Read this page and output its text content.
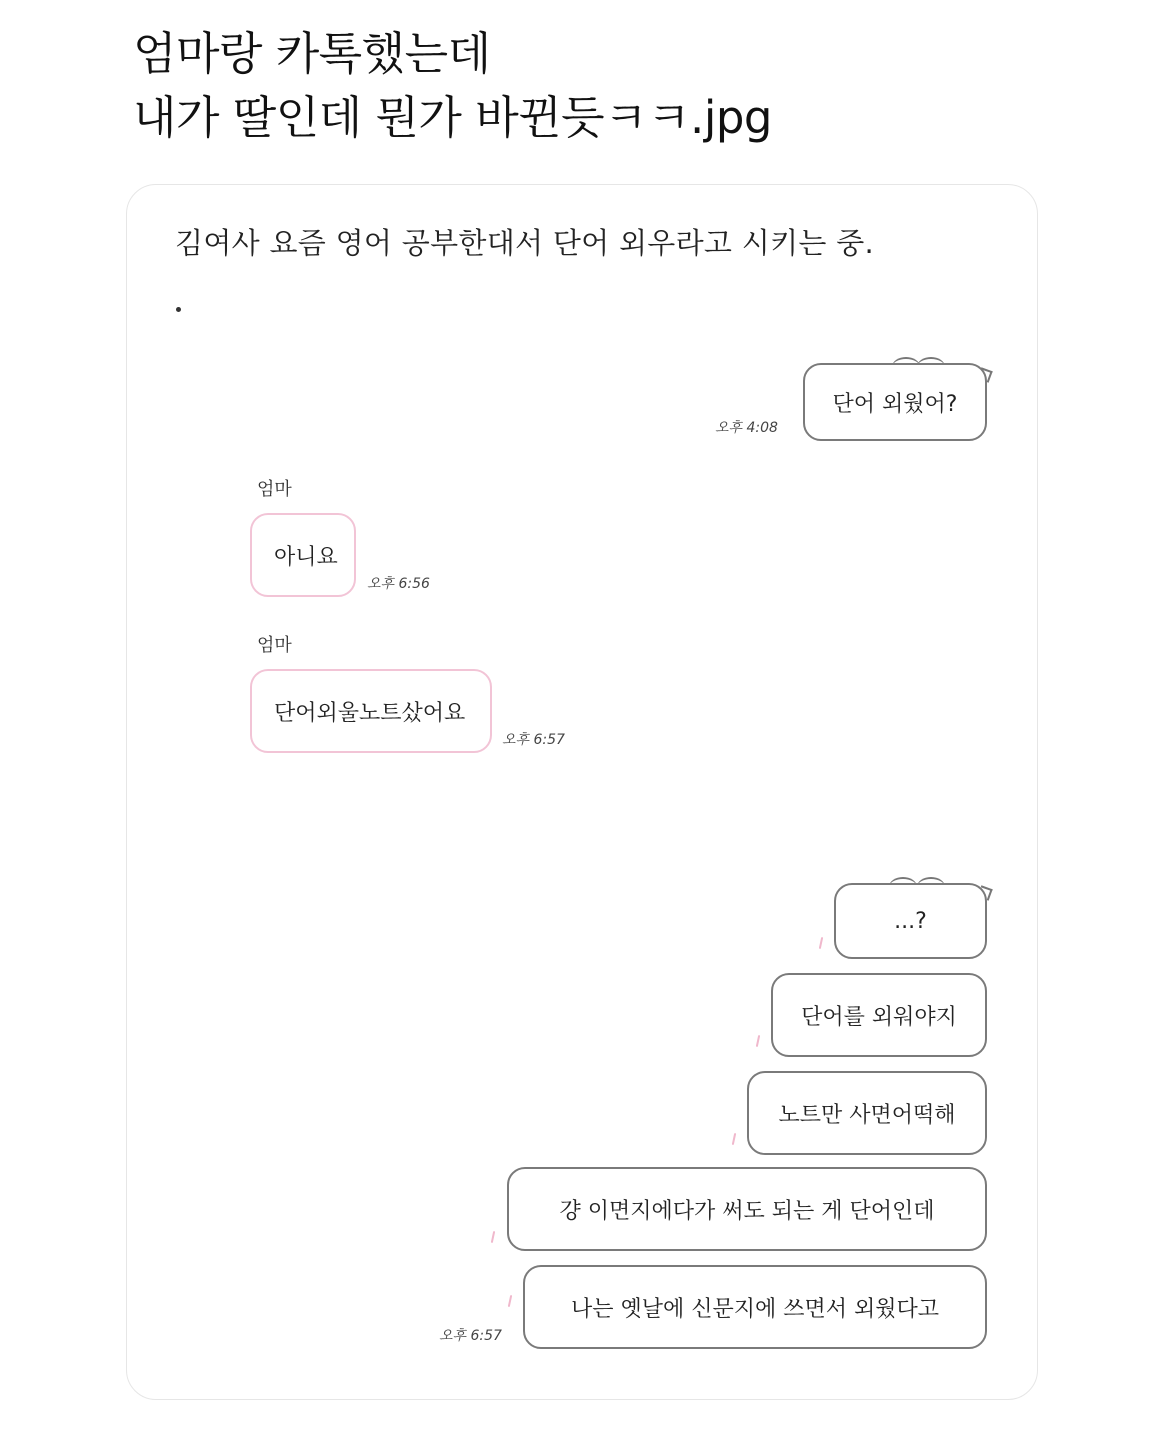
엄마랑 카톡했는데
내가 딸인데 뭔가 바뀐듯ㅋㅋ.jpg
김여사 요즘 영어 공부한대서 단어 외우라고 시키는 중.
단어 외웠어?
오후 4:08
엄마
아니요
오후 6:56
엄마
단어외울노트샀어요
오후 6:57
...?
단어를 외워야지
노트만 사면어떡해
걍 이면지에다가 써도 되는 게 단어인데
나는 옛날에 신문지에 쓰면서 외웠다고
오후 6:57
